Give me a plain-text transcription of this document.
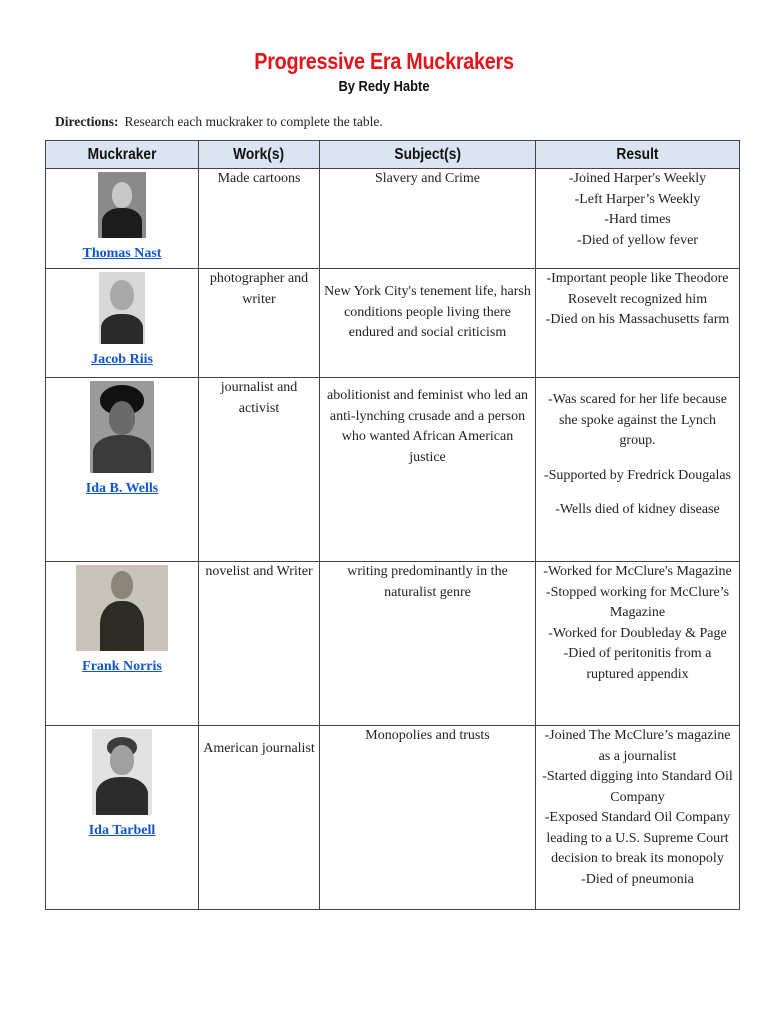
Progressive Era Muckrakers
By Redy Habte
Directions: Research each muckraker to complete the table.
Muckraker	Work(s)	Subject(s)	Result

Thomas Nast	Made cartoons	Slavery and Crime	-Joined Harper's Weekly

-Left Harper’s Weekly

-Hard times

-Died of yellow fever

Jacob Riis	photographer and writer	New York City's tenement life, harsh conditions people living there endured and social criticism	-Important people like Theodore Rosevelt recognized him

-Died on his Massachusetts farm

Ida B. Wells	journalist and activist	abolitionist and feminist who led an anti-lynching crusade and a person who wanted African American justice	-Was scared for her life because she spoke against the Lynch group.

-Supported by Fredrick Dougalas

-Wells died of kidney disease

Frank Norris	novelist and Writer	writing predominantly in the naturalist genre	-Worked for McClure's Magazine

-Stopped working for McClure’s Magazine

-Worked for Doubleday & Page

-Died of peritonitis from a ruptured appendix

Ida Tarbell	American journalist	Monopolies and trusts	-Joined The McClure’s magazine as a journalist

-Started digging into Standard Oil Company

-Exposed Standard Oil Company leading to a U.S. Supreme Court decision to break its monopoly

-Died of pneumonia
